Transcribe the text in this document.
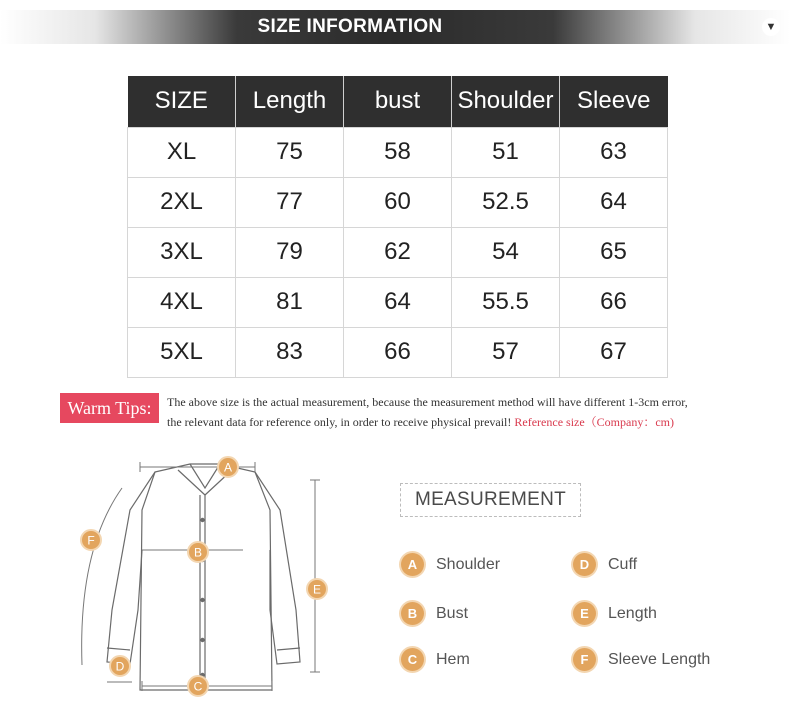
SIZE INFORMATION	▼
SIZE	Length	bust	Shoulder	Sleeve
XL	75	58	51	63
2XL	77	60	52.5	64
3XL	79	62	54	65
4XL	81	64	55.5	66
5XL	83	66	57	67
Warm Tips:	The above size is the actual measurement, because the measurement method will have different 1-3cm error,
the relevant data for reference only, in order to receive physical prevail! Reference size（Company：cm)
A
B
C
D
E
F
MEASUREMENT
A	Shoulder
B	Bust
C	Hem
D	Cuff
E	Length
F	Sleeve Length
